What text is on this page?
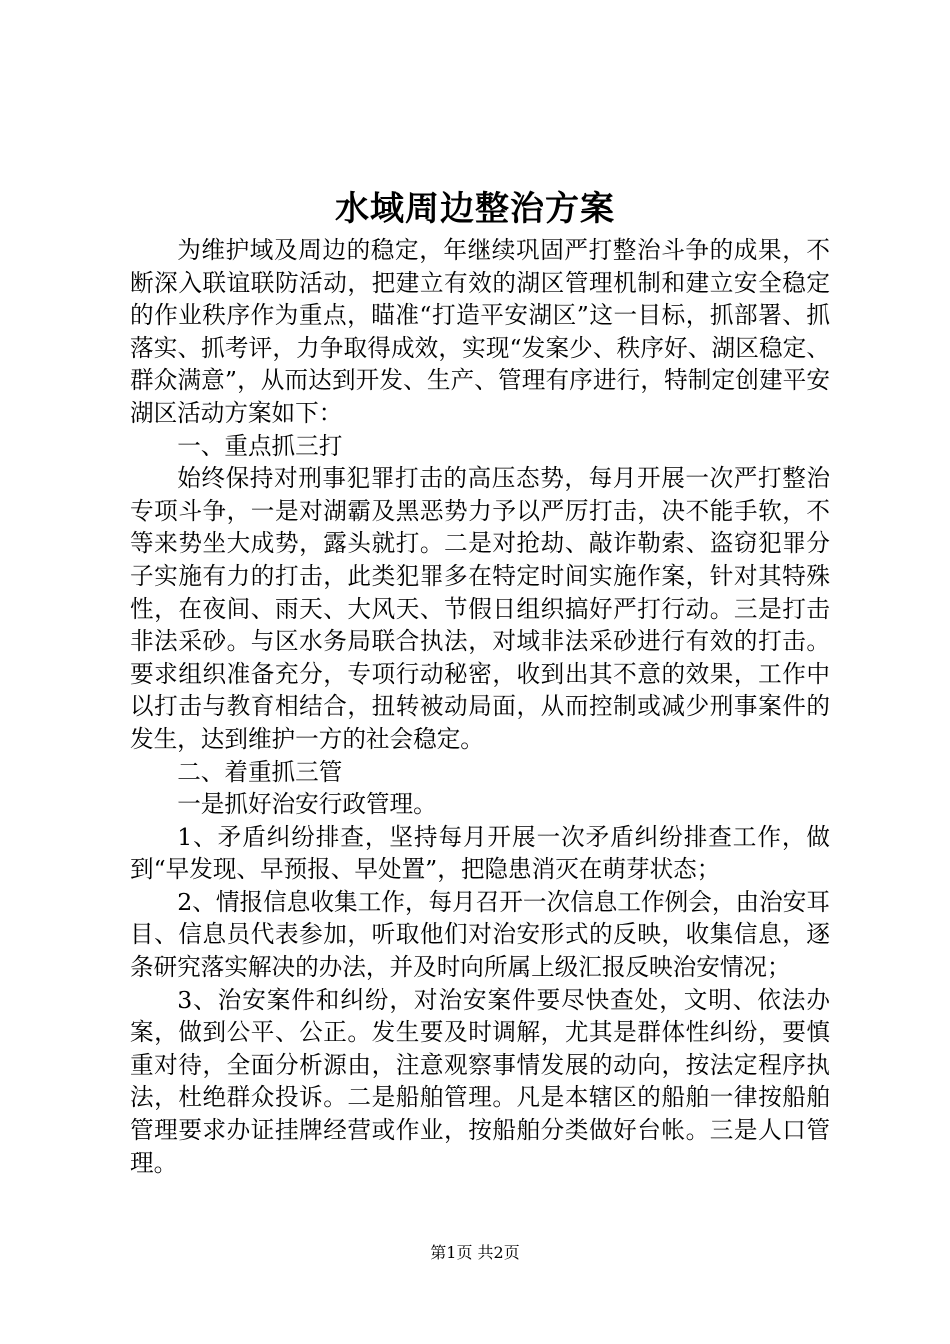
水域周边整治方案

为维护域及周边的稳定，年继续巩固严打整治斗争的成果，不断深入联谊联防活动，把建立有效的湖区管理机制和建立安全稳定的作业秩序作为重点，瞄准“打造平安湖区”这一目标，抓部署、抓落实、抓考评，力争取得成效，实现“发案少、秩序好、湖区稳定、群众满意”，从而达到开发、生产、管理有序进行，特制定创建平安湖区活动方案如下：

一、重点抓三打

始终保持对刑事犯罪打击的高压态势，每月开展一次严打整治专项斗争，一是对湖霸及黑恶势力予以严厉打击，决不能手软，不等来势坐大成势，露头就打。二是对抢劫、敲诈勒索、盗窃犯罪分子实施有力的打击，此类犯罪多在特定时间实施作案，针对其特殊性，在夜间、雨天、大风天、节假日组织搞好严打行动。三是打击非法采砂。与区水务局联合执法，对域非法采砂进行有效的打击。要求组织准备充分，专项行动秘密，收到出其不意的效果，工作中以打击与教育相结合，扭转被动局面，从而控制或减少刑事案件的发生，达到维护一方的社会稳定。

二、着重抓三管

一是抓好治安行政管理。

1、矛盾纠纷排查，坚持每月开展一次矛盾纠纷排查工作，做到“早发现、早预报、早处置”，把隐患消灭在萌芽状态；

2、情报信息收集工作，每月召开一次信息工作例会，由治安耳目、信息员代表参加，听取他们对治安形式的反映，收集信息，逐条研究落实解决的办法，并及时向所属上级汇报反映治安情况；

3、治安案件和纠纷，对治安案件要尽快查处，文明、依法办案，做到公平、公正。发生要及时调解，尤其是群体性纠纷，要慎重对待，全面分析源由，注意观察事情发展的动向，按法定程序执法，杜绝群众投诉。二是船舶管理。凡是本辖区的船舶一律按船舶管理要求办证挂牌经营或作业，按船舶分类做好台帐。三是人口管理。

第1页 共2页
